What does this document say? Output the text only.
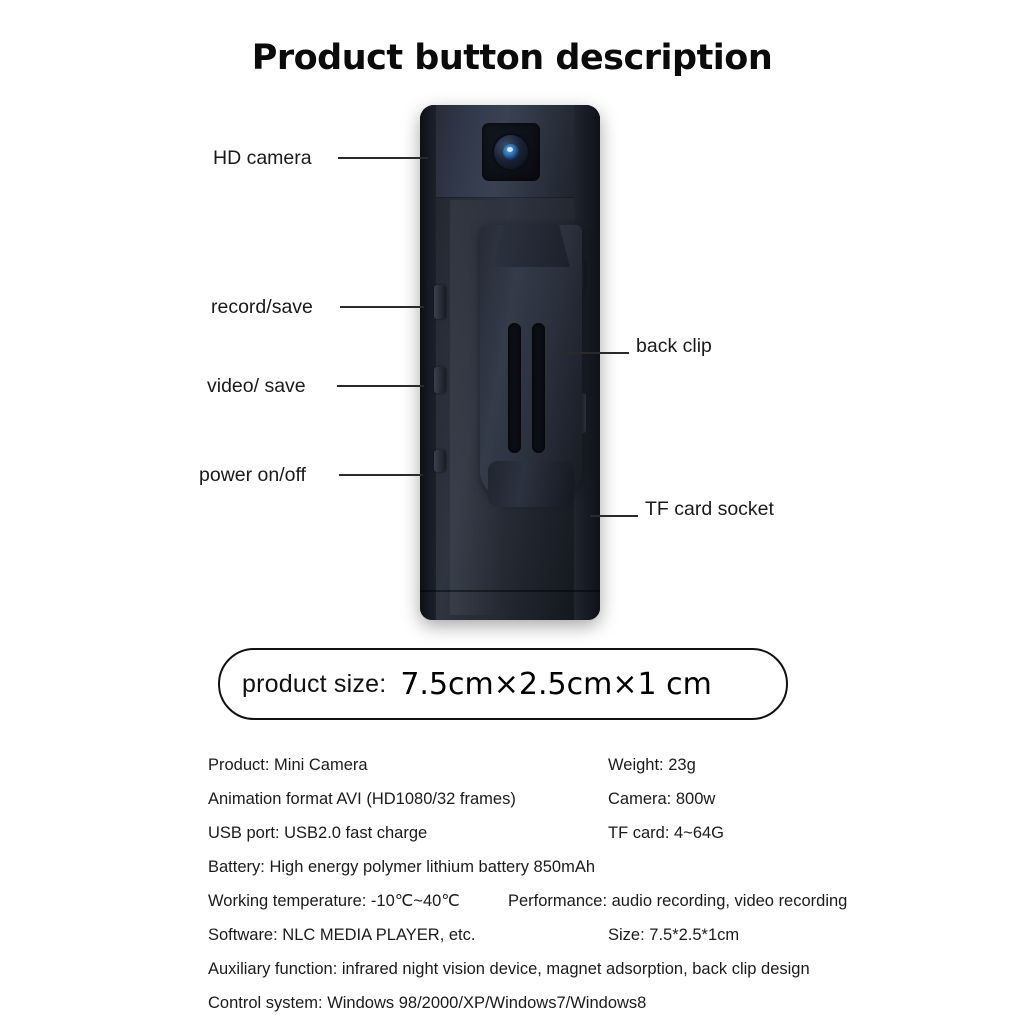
Product button description
HD camera
record/save
video/ save
power on/off
back clip
TF card socket
product size: 7.5cm×2.5cm×1 cm
Product: Mini Camera	Weight: 23g
Animation format AVI (HD1080/32 frames)	Camera: 800w
USB port: USB2.0 fast charge	TF card: 4~64G
Battery: High energy polymer lithium battery 850mAh
Working temperature: -10℃~40℃	Performance: audio recording, video recording
Software: NLC MEDIA PLAYER, etc.	Size: 7.5*2.5*1cm
Auxiliary function: infrared night vision device, magnet adsorption, back clip design
Control system: Windows 98/2000/XP/Windows7/Windows8
